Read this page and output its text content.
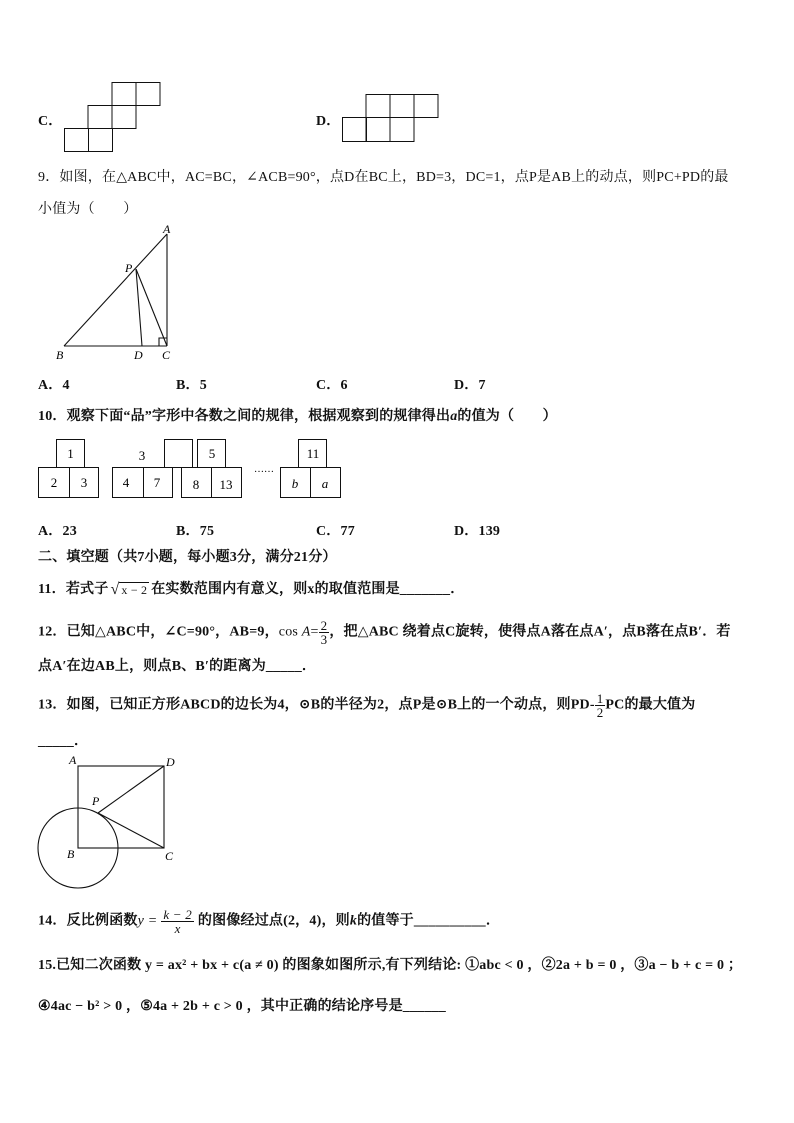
C．	D．
9．如图，在△ABC中，AC=BC，∠ACB=90°，点D在BC上，BD=3，DC=1，点P是AB上的动点，则PC+PD的最
小值为（　　）
A
P
B	D C
A．4	B．5	C．6	D．7
10．观察下面“品”字形中各数之间的规律，根据观察到的规律得出a的值为（　　）
1
2 3
3
4 7
5
8 13
11
b a
……
A．23	B．75	C．77	D．139
二、填空题（共7小题，每小题3分，满分21分）
11．若式子 √ x − 2 在实数范围内有意义，则x的取值范围是_______．
12．已知△ABC中，∠C=90°，AB=9，$\cos A= \frac{2}{3}$ ，把△ABC 绕着点C旋转，使得点A落在点A′，点B落在点B′．若
点A′在边AB上，则点B、B′的距离为_____．
13．如图，已知正方形ABCD的边长为4，⊙B的半径为2，点P是⊙B上的一个动点，则$PD- \frac{1}{2}$ PC的最大值为
_____．
A	D
P
B	C
14．反比例函数$y = \frac{k - 2}{x}$ 的图像经过点(2，4)，则k的值等于__________．
15.已知二次函数 y = ax² + bx + c(a ≠ 0) 的图象如图所示,有下列结论: ①abc < 0 ，②2a + b = 0 ，③a − b + c = 0 ；
④4ac − b² > 0 ，⑤4a + 2b + c > 0 ，其中正确的结论序号是______
